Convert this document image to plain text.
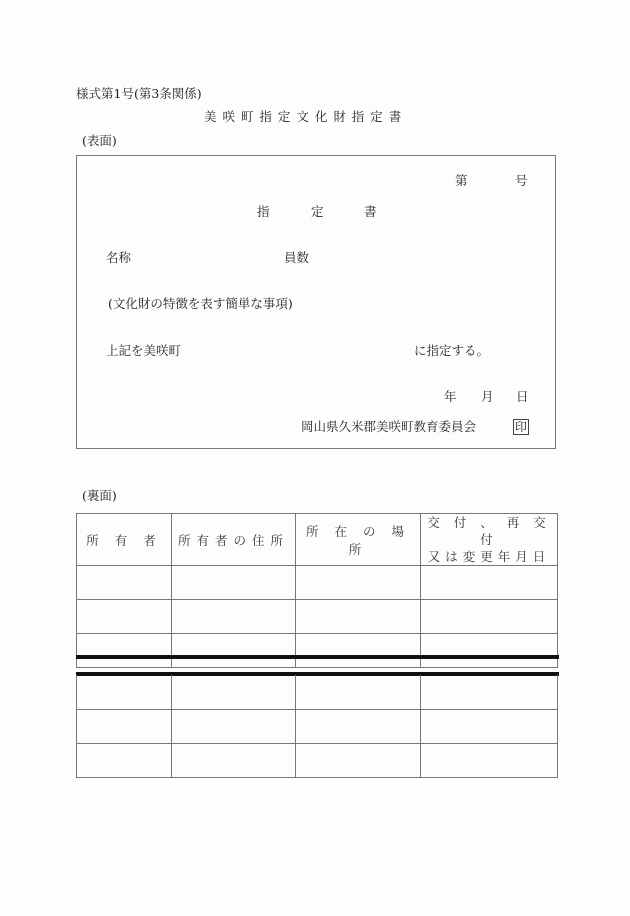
様式第1号(第3条関係)
美 咲 町 指 定 文 化 財 指 定 書
(表面)
第	号
指	定	書
名称	員数
(文化財の特徴を表す簡単な事項)
上記を美咲町	に指定する。
年 月 日
岡山県久米郡美咲町教育委員会	印
(裏面)
所 有 者	所有者の住所	所 在 の 場 所	交 付 、 再 交 付
又は変更年月日
